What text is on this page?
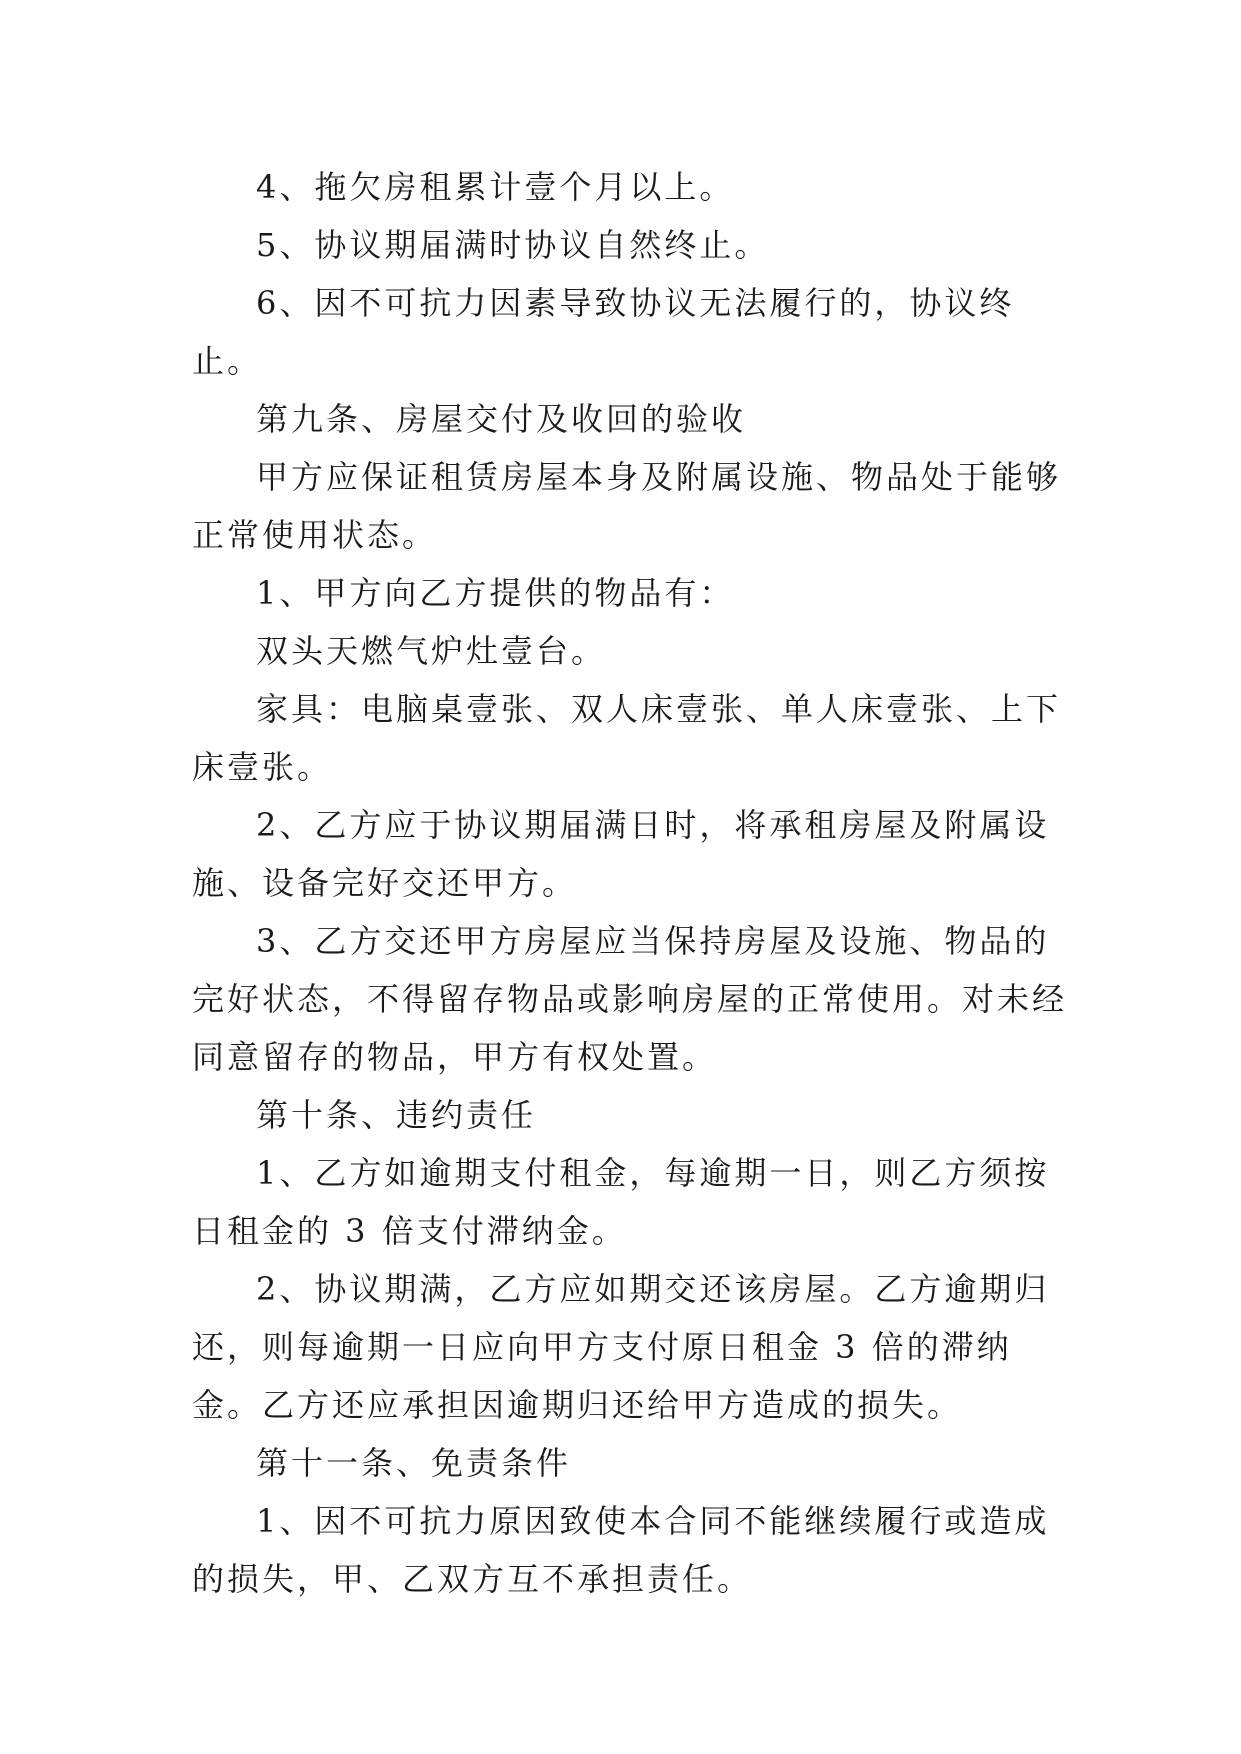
4、拖欠房租累计壹个月以上。

5、协议期届满时协议自然终止。

6、因不可抗力因素导致协议无法履行的，协议终止。

第九条、房屋交付及收回的验收

甲方应保证租赁房屋本身及附属设施、物品处于能够正常使用状态。

1、甲方向乙方提供的物品有：

双头天燃气炉灶壹台。

家具：电脑桌壹张、双人床壹张、单人床壹张、上下床壹张。

2、乙方应于协议期届满日时，将承租房屋及附属设施、设备完好交还甲方。

3、乙方交还甲方房屋应当保持房屋及设施、物品的完好状态，不得留存物品或影响房屋的正常使用。对未经同意留存的物品，甲方有权处置。

第十条、违约责任

1、乙方如逾期支付租金，每逾期一日，则乙方须按日租金的 3 倍支付滞纳金。

2、协议期满，乙方应如期交还该房屋。乙方逾期归还，则每逾期一日应向甲方支付原日租金 3 倍的滞纳金。乙方还应承担因逾期归还给甲方造成的损失。

第十一条、免责条件

1、因不可抗力原因致使本合同不能继续履行或造成的损失，甲、乙双方互不承担责任。
